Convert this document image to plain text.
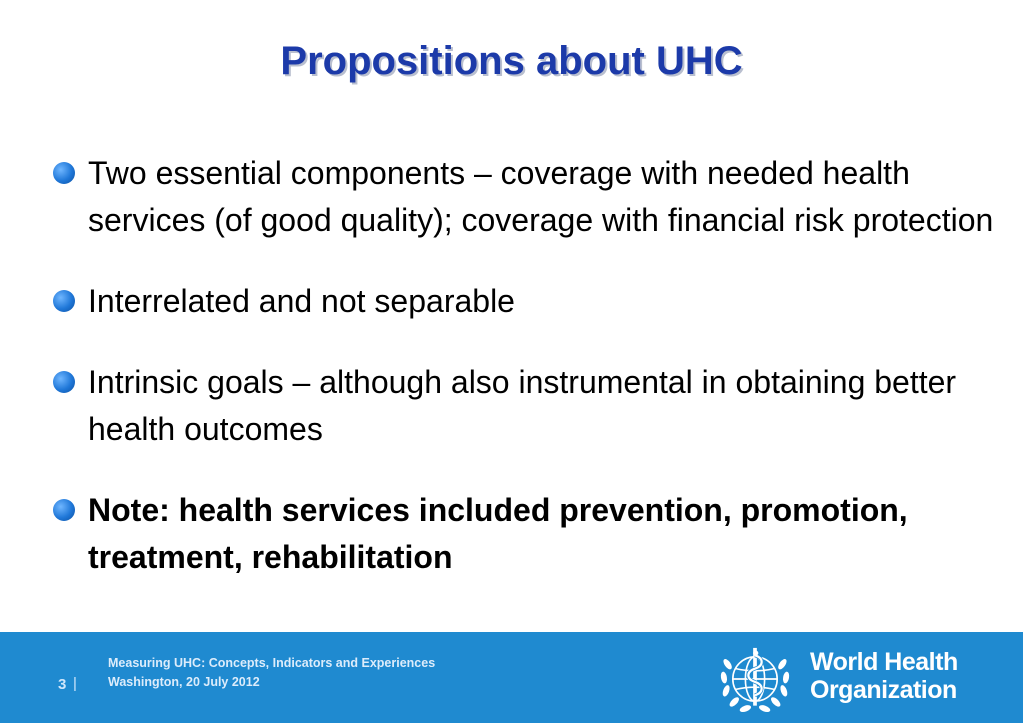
Propositions about UHC
Two essential components – coverage with needed health services (of good quality); coverage with financial risk protection
Interrelated and not separable
Intrinsic goals – although also instrumental in obtaining better health outcomes
Note: health services included prevention, promotion, treatment, rehabilitation
3 |
Measuring UHC: Concepts, Indicators and Experiences
Washington, 20 July 2012
World Health
Organization
